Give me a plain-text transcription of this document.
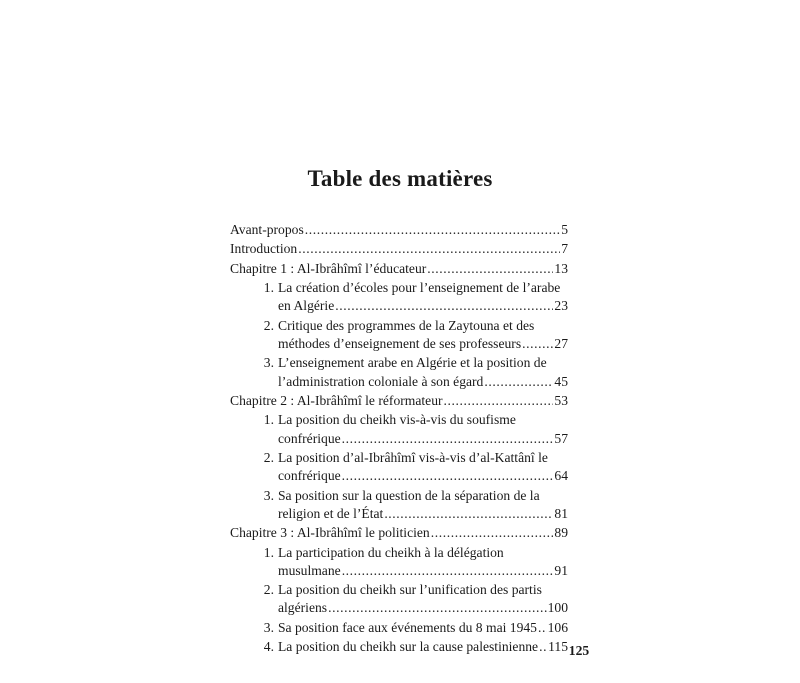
Table des matières
Avant-propos .....	5
Introduction .....	7
Chapitre 1 : Al-Ibrâhîmî l’éducateur .....	13
1. La création d’écoles pour l’enseignement de l’arabe
en Algérie .....	23
2. Critique des programmes de la Zaytouna et des
méthodes d’enseignement de ses professeurs ..... 27
3. L’enseignement arabe en Algérie et la position de
l’administration coloniale à son égard .....	45
Chapitre 2 : Al-Ibrâhîmî le réformateur .....	53
1. La position du cheikh vis-à-vis du soufisme
confrérique .....	57
2. La position d’al-Ibrâhîmî vis-à-vis d’al-Kattânî le
confrérique .....	64
3. Sa position sur la question de la séparation de la
religion et de l’État .....	81
Chapitre 3 : Al-Ibrâhîmî le politicien .....	89
1. La participation du cheikh à la délégation
musulmane .....	91
2. La position du cheikh sur l’unification des partis
algériens .....	100
3. Sa position face aux événements du 8 mai 1945 ..... 106
4. La position du cheikh sur la cause palestinienne ..... 115 125
